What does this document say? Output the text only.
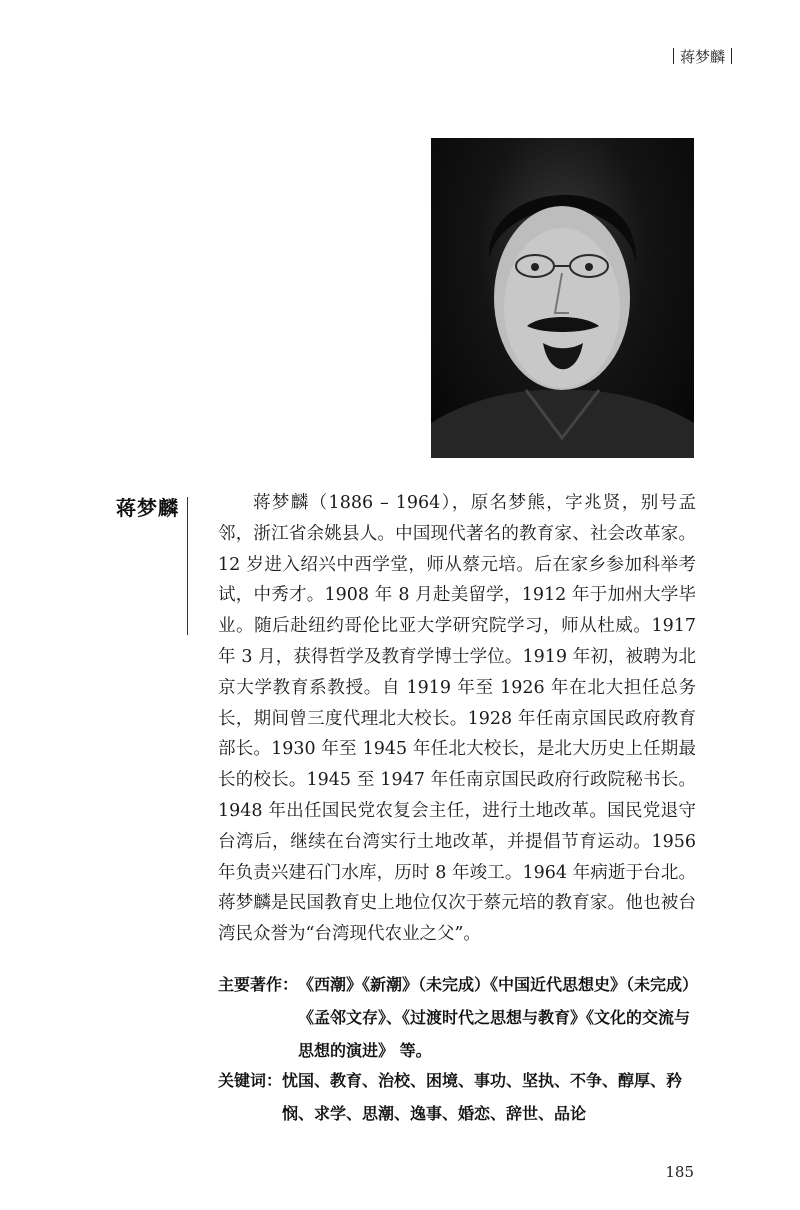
蒋梦麟
蒋梦麟	蒋梦麟（1886 – 1964），原名梦熊，字兆贤，别号孟邻，浙江省余姚县人。中国现代著名的教育家、社会改革家。12 岁进入绍兴中西学堂，师从蔡元培。后在家乡参加科举考试，中秀才。1908 年 8 月赴美留学，1912 年于加州大学毕业。随后赴纽约哥伦比亚大学研究院学习，师从杜威。1917 年 3 月，获得哲学及教育学博士学位。1919 年初，被聘为北京大学教育系教授。自 1919 年至 1926 年在北大担任总务长，期间曾三度代理北大校长。1928 年任南京国民政府教育部长。1930 年至 1945 年任北大校长，是北大历史上任期最长的校长。1945 至 1947 年任南京国民政府行政院秘书长。1948 年出任国民党农复会主任，进行土地改革。国民党退守台湾后，继续在台湾实行土地改革，并提倡节育运动。1956 年负责兴建石门水库，历时 8 年竣工。1964 年病逝于台北。蒋梦麟是民国教育史上地位仅次于蔡元培的教育家。他也被台湾民众誉为“台湾现代农业之父”。

主要著作： 《西潮》《新潮》（未完成）《中国近代思想史》（未完成）《孟邻文存》、《过渡时代之思想与教育》《文化的交流与思想的演进》 等。
关键词： 忧国、教育、治校、困境、事功、坚执、不争、醇厚、矜悯、求学、思潮、逸事、婚恋、辞世、品论
185
